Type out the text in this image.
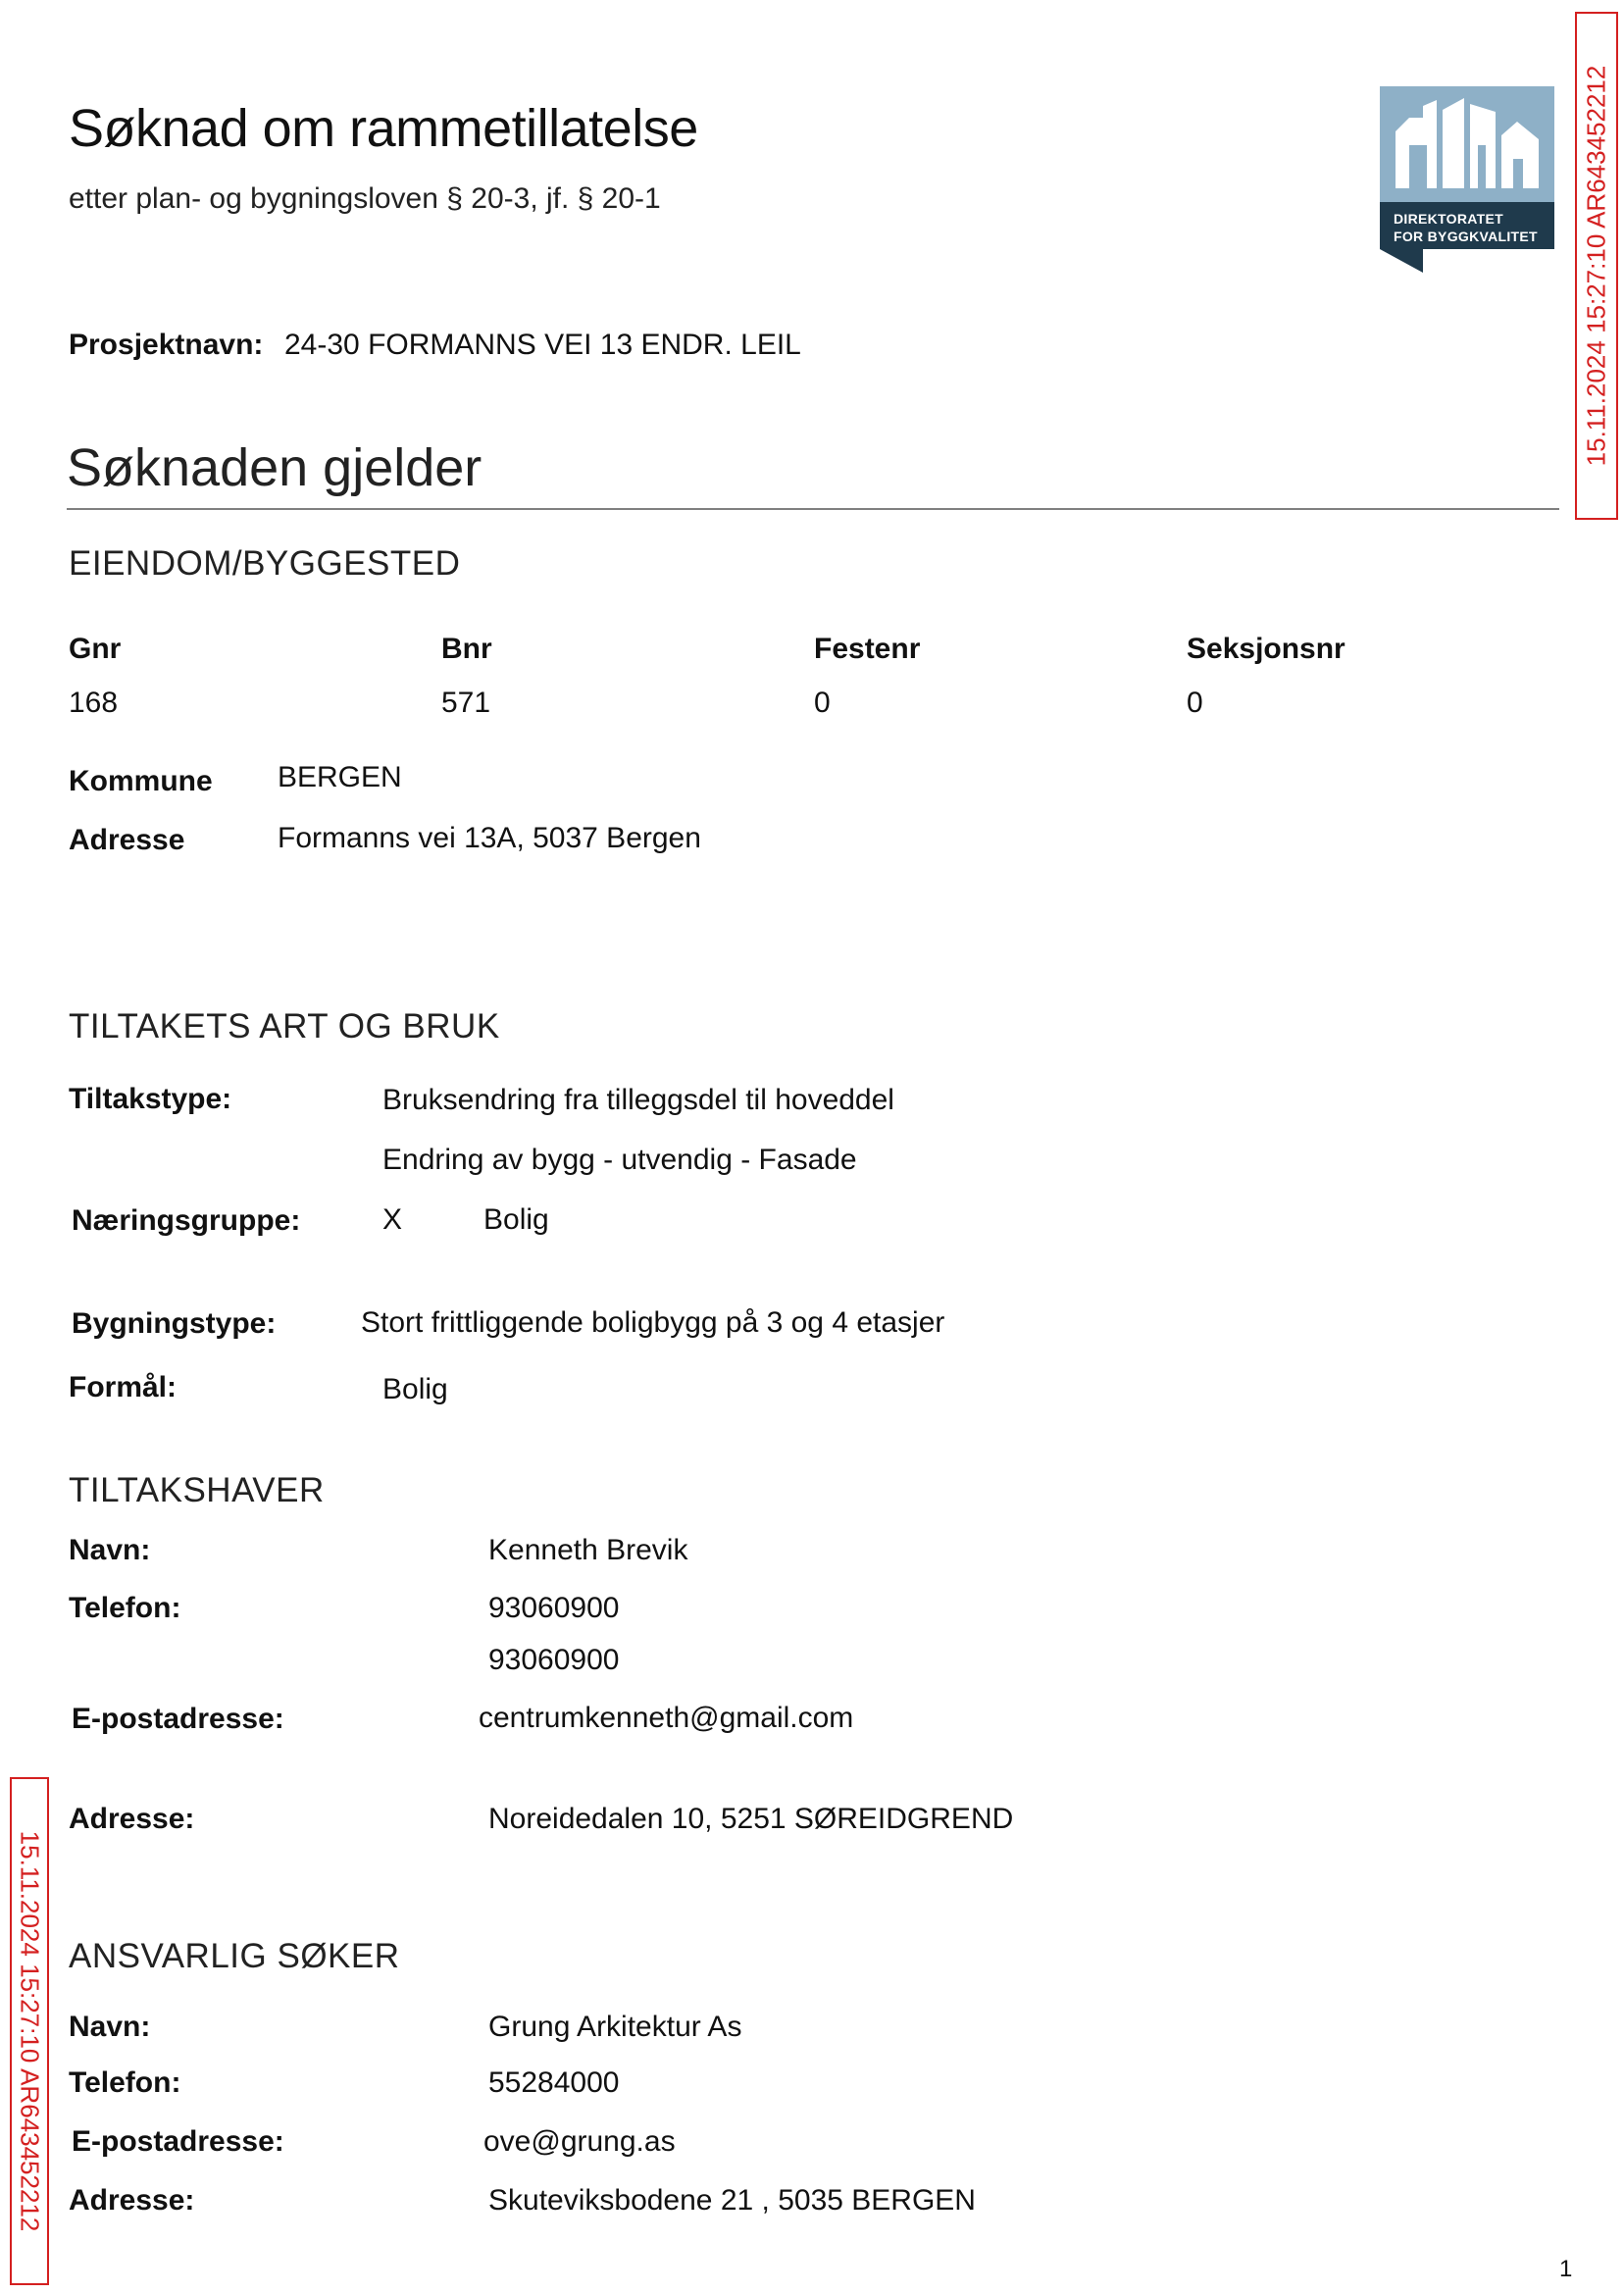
15.11.2024 15:27:10 AR643452212
15.11.2024 15:27:10 AR643452212
Søknad om rammetillatelse
etter plan- og bygningsloven § 20-3, jf. § 20-1
DIREKTORATET
FOR BYGGKVALITET
Prosjektnavn: 24-30 FORMANNS VEI 13 ENDR. LEIL
Søknaden gjelder
EIENDOM/BYGGESTED
Gnr	Bnr	Festenr	Seksjonsnr
168	571	0	0
Kommune BERGEN
Adresse	Formanns vei 13A, 5037 Bergen
TILTAKETS ART OG BRUK
Tiltakstype:	Bruksendring fra tilleggsdel til hoveddel
Endring av bygg - utvendig - Fasade
Næringsgruppe:	X	Bolig
Bygningstype:	Stort frittliggende boligbygg på 3 og 4 etasjer
Formål:	Bolig
TILTAKSHAVER
Navn:	Kenneth Brevik
Telefon:	93060900
93060900
E-postadresse:	centrumkenneth@gmail.com
Adresse:	Noreidedalen 10, 5251 SØREIDGREND
ANSVARLIG SØKER
Navn:	Grung Arkitektur As
Telefon:	55284000
E-postadresse:	ove@grung.as
Adresse:	Skuteviksbodene 21 , 5035 BERGEN
1
